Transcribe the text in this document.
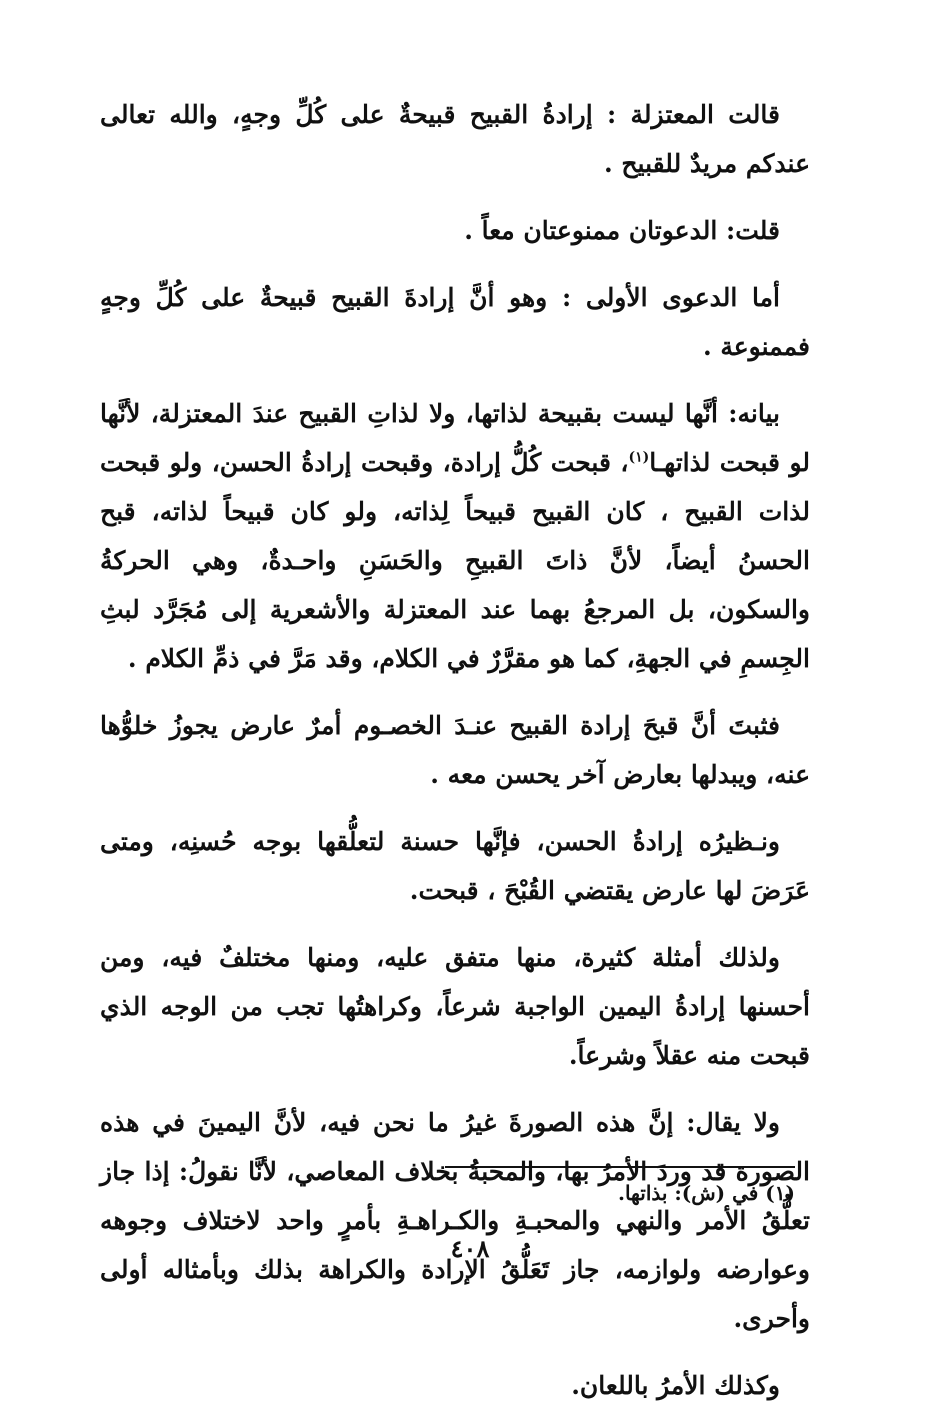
قالت المعتزلة : إرادةُ القبيح قبيحةٌ على كُلِّ وجهٍ، والله تعالى عندكم مريدٌ للقبيح .

قلت: الدعوتان ممنوعتان معاً .

أما الدعوى الأولى : وهو أنَّ إرادةَ القبيح قبيحةٌ على كُلِّ وجهٍ فممنوعة .

بيانه: أنَّها ليست بقبيحة لذاتها، ولا لذاتِ القبيح عندَ المعتزلة، لأنَّها لو قبحت لذاتهـا$^{(١)}$، قبحت كُلُّ إرادة، وقبحت إرادةُ الحسن، ولو قبحت لذات القبيح ، كان القبيح قبيحاً لِذاته، ولو كان قبيحاً لذاته، قبح الحسنُ أيضاً، لأنَّ ذاتَ القبيحِ والحَسَنِ واحـدةٌ، وهي الحركةُ والسكون، بل المرجعُ بهما عند المعتزلة والأشعرية إلى مُجَرَّد لبثِ الجِسمِ في الجهةِ، كما هو مقرَّرٌ في الكلام، وقد مَرَّ في ذمِّ الكلام .

فثبتَ أنَّ قبحَ إرادة القبيح عنـدَ الخصـوم أمرٌ عارض يجوزُ خلوُّها عنه، ويبدلها بعارض آخر يحسن معه .

ونـظيرُه إرادةُ الحسن، فإنَّها حسنة لتعلُّقها بوجه حُسنِه، ومتى عَرَضَ لها عارض يقتضي القُبْحَ ، قبحت.

ولذلك أمثلة كثيرة، منها متفق عليه، ومنها مختلفٌ فيه، ومن أحسنها إرادةُ اليمين الواجبة شرعاً، وكراهتُها تجب من الوجه الذي قبحت منه عقلاً وشرعاً.

ولا يقال: إنَّ هذه الصورةَ غيرُ ما نحن فيه، لأنَّ اليمينَ في هذه الصورة قد وردَ الأمرُ بها، والمحبةُ بخلاف المعاصي، لأنَّا نقولُ: إذا جاز تعلُّقُ الأمر والنهي والمحبـةِ والكـراهـةِ بأمرٍ واحد لاختلاف وجوهه وعوارضه ولوازمه، جاز تَعَلُّقُ الإرادة والكراهة بذلك وبأمثاله أولى وأحرى.

وكذلك الأمرُ باللعان.

(١) في (ش): بذاتها.
٤٠٨
